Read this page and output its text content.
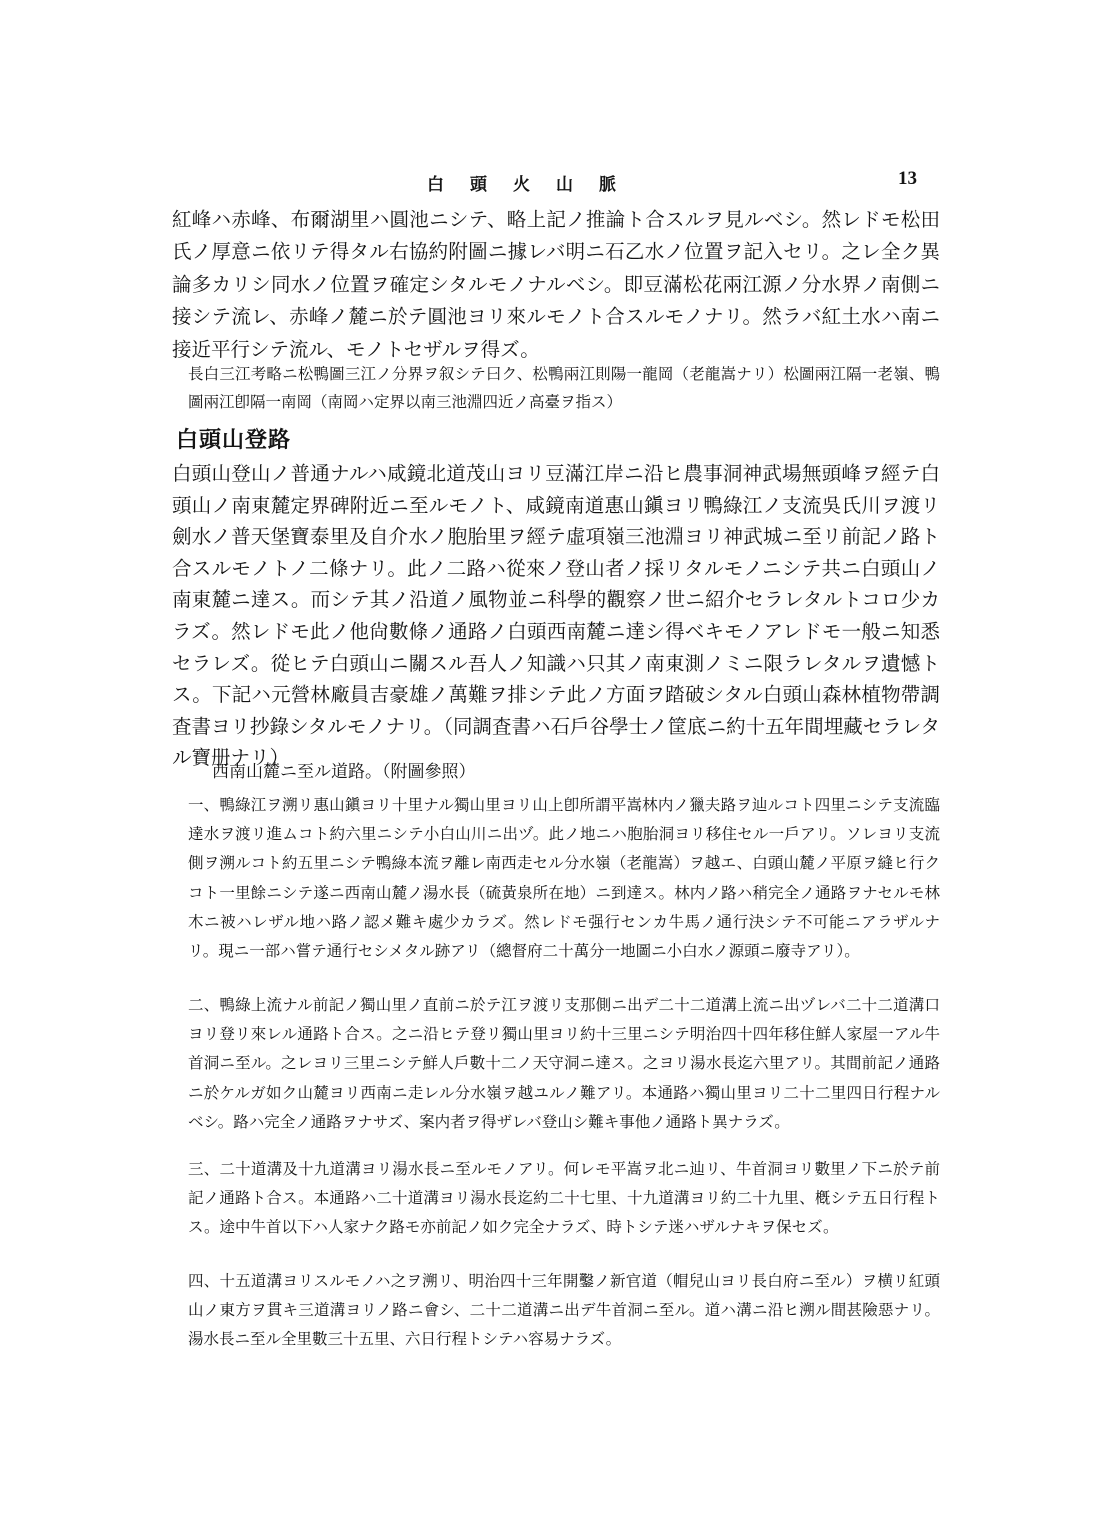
白頭火山脈	13

紅峰ハ赤峰、布爾湖里ハ圓池ニシテ、略上記ノ推論ト合スルヲ見ルベシ。然レドモ松田氏ノ厚意ニ依リテ得タル右協約附圖ニ據レバ明ニ石乙水ノ位置ヲ記入セリ。之レ全ク異論多カリシ同水ノ位置ヲ確定シタルモノナルベシ。即豆滿松花兩江源ノ分水界ノ南側ニ接シテ流レ、赤峰ノ麓ニ於テ圓池ヨリ來ルモノト合スルモノナリ。然ラバ紅土水ハ南ニ接近平行シテ流ル、モノトセザルヲ得ズ。

長白三江考略ニ松鴨圖三江ノ分界ヲ叙シテ曰ク、松鴨兩江則陽一龍岡（老龍嵩ナリ）松圖兩江隔一老嶺、鴨圖兩江卽隔一南岡（南岡ハ定界以南三池淵四近ノ高臺ヲ指ス）

白頭山登路

白頭山登山ノ普通ナルハ咸鏡北道茂山ヨリ豆滿江岸ニ沿ヒ農事洞神武場無頭峰ヲ經テ白頭山ノ南東麓定界碑附近ニ至ルモノト、咸鏡南道惠山鎭ヨリ鴨綠江ノ支流吳氏川ヲ渡リ劍水ノ普天堡寶泰里及自介水ノ胞胎里ヲ經テ虛項嶺三池淵ヨリ神武城ニ至リ前記ノ路ト合スルモノトノ二條ナリ。此ノ二路ハ從來ノ登山者ノ採リタルモノニシテ共ニ白頭山ノ南東麓ニ達ス。而シテ其ノ沿道ノ風物並ニ科學的觀察ノ世ニ紹介セラレタルトコロ少カラズ。然レドモ此ノ他尙數條ノ通路ノ白頭西南麓ニ達シ得ベキモノアレドモ一般ニ知悉セラレズ。從ヒテ白頭山ニ關スル吾人ノ知識ハ只其ノ南東測ノミニ限ラレタルヲ遺憾トス。下記ハ元營林廠員吉豪雄ノ萬難ヲ排シテ此ノ方面ヲ踏破シタル白頭山森林植物帶調査書ヨリ抄錄シタルモノナリ。（同調査書ハ石戶谷學士ノ筐底ニ約十五年間埋藏セラレタル寶册ナリ）

西南山麓ニ至ル道路。（附圖參照）

一、鴨綠江ヲ溯リ惠山鎭ヨリ十里ナル獨山里ヨリ山上卽所謂平嵩林内ノ獵夫路ヲ辿ルコト四里ニシテ支流臨達水ヲ渡リ進ムコト約六里ニシテ小白山川ニ出ヅ。此ノ地ニハ胞胎洞ヨリ移住セル一戶アリ。ソレヨリ支流側ヲ溯ルコト約五里ニシテ鴨綠本流ヲ離レ南西走セル分水嶺（老龍嵩）ヲ越エ、白頭山麓ノ平原ヲ縫ヒ行クコト一里餘ニシテ遂ニ西南山麓ノ湯水長（硫黃泉所在地）ニ到達ス。林内ノ路ハ稍完全ノ通路ヲナセルモ林木ニ被ハレザル地ハ路ノ認メ難キ處少カラズ。然レドモ强行センカ牛馬ノ通行決シテ不可能ニアラザルナリ。現ニ一部ハ嘗テ通行セシメタル跡アリ（總督府二十萬分一地圖ニ小白水ノ源頭ニ廢寺アリ）。

二、鴨綠上流ナル前記ノ獨山里ノ直前ニ於テ江ヲ渡リ支那側ニ出デ二十二道溝上流ニ出ヅレバ二十二道溝口ヨリ登リ來レル通路ト合ス。之ニ沿ヒテ登リ獨山里ヨリ約十三里ニシテ明治四十四年移住鮮人家屋一アル牛首洞ニ至ル。之レヨリ三里ニシテ鮮人戶數十二ノ天守洞ニ達ス。之ヨリ湯水長迄六里アリ。其間前記ノ通路ニ於ケルガ如ク山麓ヨリ西南ニ走レル分水嶺ヲ越ユルノ難アリ。本通路ハ獨山里ヨリ二十二里四日行程ナルベシ。路ハ完全ノ通路ヲナサズ、案内者ヲ得ザレバ登山シ難キ事他ノ通路ト異ナラズ。

三、二十道溝及十九道溝ヨリ湯水長ニ至ルモノアリ。何レモ平嵩ヲ北ニ辿リ、牛首洞ヨリ數里ノ下ニ於テ前記ノ通路ト合ス。本通路ハ二十道溝ヨリ湯水長迄約二十七里、十九道溝ヨリ約二十九里、槪シテ五日行程トス。途中牛首以下ハ人家ナク路モ亦前記ノ如ク完全ナラズ、時トシテ迷ハザルナキヲ保セズ。

四、十五道溝ヨリスルモノハ之ヲ溯リ、明治四十三年開鑿ノ新官道（帽兒山ヨリ長白府ニ至ル）ヲ横リ紅頭山ノ東方ヲ貫キ三道溝ヨリノ路ニ會シ、二十二道溝ニ出デ牛首洞ニ至ル。道ハ溝ニ沿ヒ溯ル間甚險惡ナリ。湯水長ニ至ル全里數三十五里、六日行程トシテハ容易ナラズ。
